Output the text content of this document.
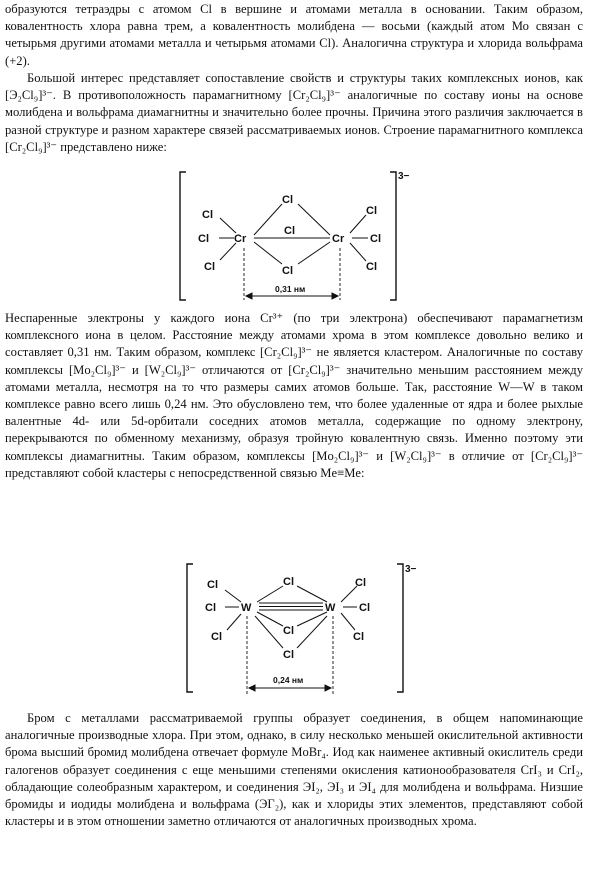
образуются тетраэдры с атомом Cl в вершине и атомами металла в основании. Таким образом, ковалентность хлора равна трем, а ковалентность молибдена — восьми (каждый атом Мо связан с четырьмя другими атомами металла и четырьмя атомами Cl). Аналогична структура и хлорида вольфрама (+2).

Большой интерес представляет сопоставление свойств и структуры таких комплексных ионов, как [Э₂Cl₉]³⁻. В противоположность парамагнитному [Cr₂Cl₉]³⁻ аналогичные по составу ионы на основе молибдена и вольфрама диамагнитны и значительно более прочны. Причина этого различия заключается в разной структуре и разном характере связей рассматриваемых ионов. Строение парамагнитного комплекса [Cr₂Cl₉]³⁻ представлено ниже:

3−
Cr	Cr
Cl
Cl
Cl
Cl
Cl
Cl
Cl
Cl
Cl
0,31 нм

Неспаренные электроны у каждого иона Cr³⁺ (по три электрона) обеспечивают парамагнетизм комплексного иона в целом. Расстояние между атомами хрома в этом комплексе довольно велико и составляет 0,31 нм. Таким образом, комплекс [Cr₂Cl₉]³⁻ не является кластером. Аналогичные по составу комплексы [Mo₂Cl₉]³⁻ и [W₂Cl₉]³⁻ отличаются от [Cr₂Cl₉]³⁻ значительно меньшим расстоянием между атомами металла, несмотря на то что размеры самих атомов больше. Так, расстояние W—W в таком комплексе равно всего лишь 0,24 нм. Это обусловлено тем, что более удаленные от ядра и более рыхлые валентные 4d- или 5d-орбитали соседних атомов металла, содержащие по одному электрону, перекрываются по обменному механизму, образуя тройную ковалентную связь. Именно поэтому эти комплексы диамагнитны. Таким образом, комплексы [Mo₂Cl₉]³⁻ и [W₂Cl₉]³⁻ в отличие от [Cr₂Cl₉]³⁻ представляют собой кластеры с непосредственной связью Me≡Me:

3−
W	W
Cl
Cl
Cl
Cl
Cl
Cl
Cl
Cl
Cl
0,24 нм

Бром с металлами рассматриваемой группы образует соединения, в общем напоминающие аналогичные производные хлора. При этом, однако, в силу несколько меньшей окислительной активности брома высший бромид молибдена отвечает формуле MoBr₄. Иод как наименее активный окислитель среди галогенов образует соединения с еще меньшими степенями окисления катионообразователя CrI₃ и CrI₂, обладающие солеобразным характером, и соединения ЭI₂, ЭI₃ и ЭI₄ для молибдена и вольфрама. Низшие бромиды и иодиды молибдена и вольфрама (ЭГ₂), как и хлориды этих элементов, представляют собой кластеры и в этом отношении заметно отличаются от аналогичных производных хрома.
